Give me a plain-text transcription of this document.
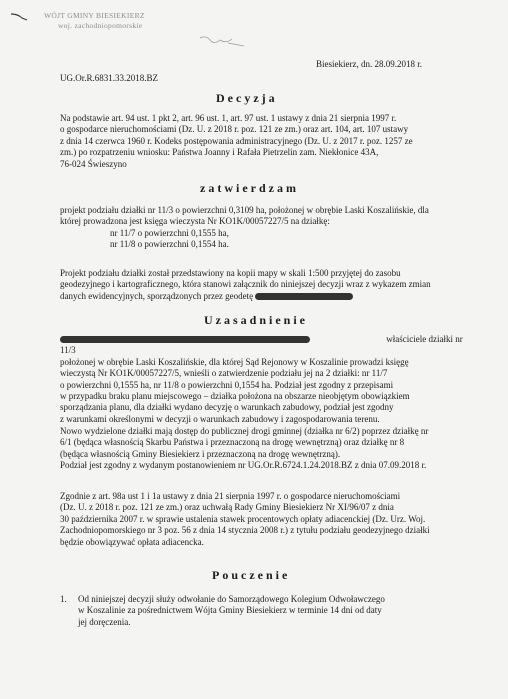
WÓJT GMINY BIESIEKIERZ
woj. zachodniopomorskie
Biesiekierz, dn. 28.09.2018 r.
UG.Or.R.6831.33.2018.BZ
Decyzja
Na podstawie art. 94 ust. 1 pkt 2, art. 96 ust. 1, art. 97 ust. 1 ustawy z dnia 21 sierpnia 1997 r.
o gospodarce nieruchomościami (Dz. U. z 2018 r. poz. 121 ze zm.) oraz art. 104, art. 107 ustawy
z dnia 14 czerwca 1960 r. Kodeks postępowania administracyjnego (Dz. U. z 2017 r. poz. 1257 ze
zm.) po rozpatrzeniu wniosku: Państwa Joanny i Rafała Pietrzelin zam. Niekłonice 43A,
76-024 Świeszyno
zatwierdzam
projekt podziału działki nr 11/3 o powierzchni 0,3109 ha, położonej w obrębie Laski Koszalińskie, dla
której prowadzona jest księga wieczysta Nr KO1K/00057227/5 na działkę:
nr 11/7 o powierzchni 0,1555 ha,
nr 11/8 o powierzchni 0,1554 ha.
Projekt podziału działki został przedstawiony na kopii mapy w skali 1:500 przyjętej do zasobu
geodezyjnego i kartograficznego, która stanowi załącznik do niniejszej decyzji wraz z wykazem zmian
danych ewidencyjnych, sporządzonych przez geodetę
Uzasadnienie
właściciele działki nr 11/3
położonej w obrębie Laski Koszalińskie, dla której Sąd Rejonowy w Koszalinie prowadzi księgę
wieczystą Nr KO1K/00057227/5, wnieśli o zatwierdzenie podziału jej na 2 działki: nr 11/7
o powierzchni 0,1555 ha, nr 11/8 o powierzchni 0,1554 ha. Podział jest zgodny z przepisami
w przypadku braku planu miejscowego – działka położona na obszarze nieobjętym obowiązkiem
sporządzania planu, dla działki wydano decyzję o warunkach zabudowy, podział jest zgodny
z warunkami określonymi w decyzji o warunkach zabudowy i zagospodarowania terenu.
Nowo wydzielone działki mają dostęp do publicznej drogi gminnej (działka nr 6/2) poprzez działkę nr
6/1 (będąca własnością Skarbu Państwa i przeznaczoną na drogę wewnętrzną) oraz działkę nr 8
(będąca własnością Gminy Biesiekierz i przeznaczoną na drogę wewnętrzną).
Podział jest zgodny z wydanym postanowieniem nr UG.Or.R.6724.1.24.2018.BZ z dnia 07.09.2018 r.
Zgodnie z art. 98a ust 1 i 1a ustawy z dnia 21 sierpnia 1997 r. o gospodarce nieruchomościami
(Dz. U. z 2018 r. poz. 121 ze zm.) oraz uchwałą Rady Gminy Biesiekierz Nr XI/96/07 z dnia
30 października 2007 r. w sprawie ustalenia stawek procentowych opłaty adiacenckiej (Dz. Urz. Woj.
Zachodniopomorskiego nr 3 poz. 56 z dnia 14 stycznia 2008 r.) z tytułu podziału geodezyjnego działki
będzie obowiązywać opłata adiacencka.
Pouczenie
1. Od niniejszej decyzji służy odwołanie do Samorządowego Kolegium Odwoławczego
w Koszalinie za pośrednictwem Wójta Gminy Biesiekierz w terminie 14 dni od daty
jej doręczenia.
